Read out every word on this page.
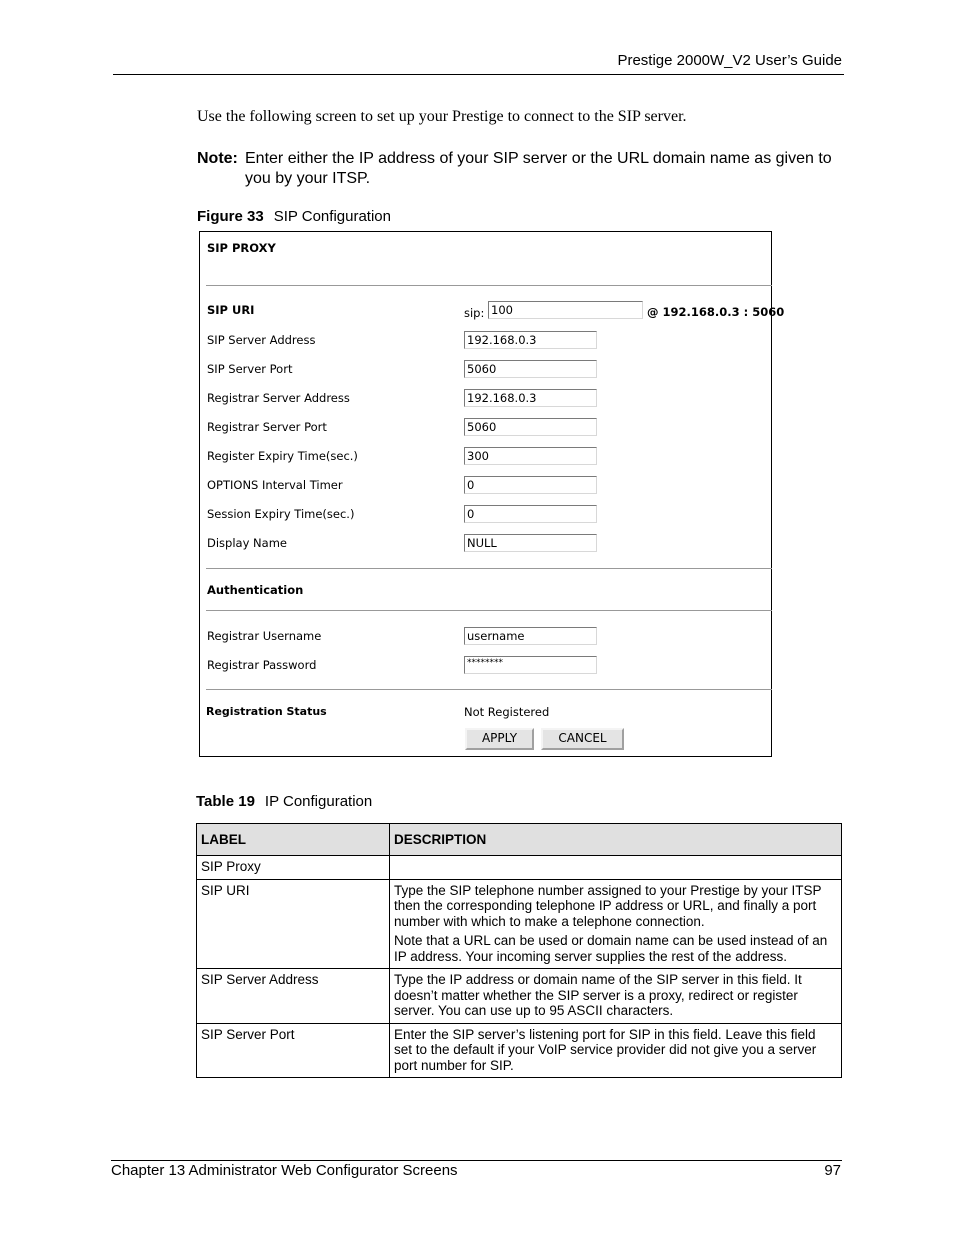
Prestige 2000W_V2 User’s Guide
Use the following screen to set up your Prestige to connect to the SIP server.
Note: Enter either the IP address of your SIP server or the URL domain name as given to you by your ITSP.
Figure 33 SIP Configuration
SIP PROXY
SIP URI	sip: 100	@ 192.168.0.3 : 5060
SIP Server Address	192.168.0.3
SIP Server Port	5060
Registrar Server Address	192.168.0.3
Registrar Server Port	5060
Register Expiry Time(sec.)	300
OPTIONS Interval Timer	0
Session Expiry Time(sec.)	0
Display Name	NULL
Authentication
Registrar Username	username
Registrar Password	********
Registration Status	Not Registered
APPLY	CANCEL
Table 19 IP Configuration
LABEL	DESCRIPTION
SIP Proxy	
SIP URI	Type the SIP telephone number assigned to your Prestige by your ITSP then the corresponding telephone IP address or URL, and finally a port number with which to make a telephone connection.

Note that a URL can be used or domain name can be used instead of an IP address. Your incoming server supplies the rest of the address.

SIP Server Address	Type the IP address or domain name of the SIP server in this field. It doesn’t matter whether the SIP server is a proxy, redirect or register server. You can use up to 95 ASCII characters.

SIP Server Port	Enter the SIP server’s listening port for SIP in this field. Leave this field set to the default if your VoIP service provider did not give you a server port number for SIP.

Chapter 13 Administrator Web Configurator Screens	97
